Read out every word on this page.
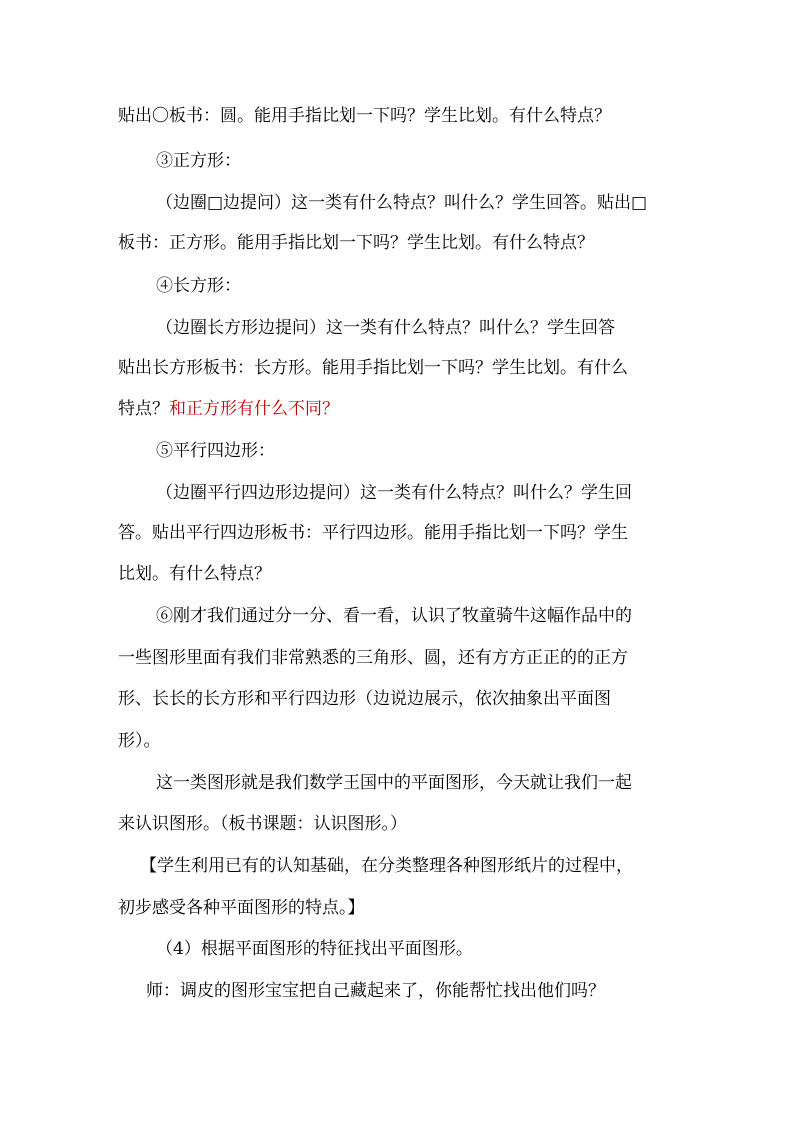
贴出〇板书：圆。能用手指比划一下吗？学生比划。有什么特点？
③正方形：
（边圈□边提问）这一类有什么特点？叫什么？学生回答。贴出□
板书：正方形。能用手指比划一下吗？学生比划。有什么特点？
④长方形：
（边圈长方形边提问）这一类有什么特点？叫什么？学生回答
贴出长方形板书：长方形。能用手指比划一下吗？学生比划。有什么
特点？和正方形有什么不同？
⑤平行四边形：
（边圈平行四边形边提问）这一类有什么特点？叫什么？学生回
答。贴出平行四边形板书：平行四边形。能用手指比划一下吗？学生
比划。有什么特点？
⑥刚才我们通过分一分、看一看，认识了牧童骑牛这幅作品中的
一些图形里面有我们非常熟悉的三角形、圆，还有方方正正的的正方
形、长长的长方形和平行四边形（边说边展示，依次抽象出平面图
形）。
这一类图形就是我们数学王国中的平面图形，今天就让我们一起
来认识图形。（板书课题：认识图形。）
【学生利用已有的认知基础，在分类整理各种图形纸片的过程中，
初步感受各种平面图形的特点。】
（4）根据平面图形的特征找出平面图形。
师：调皮的图形宝宝把自己藏起来了，你能帮忙找出他们吗？
